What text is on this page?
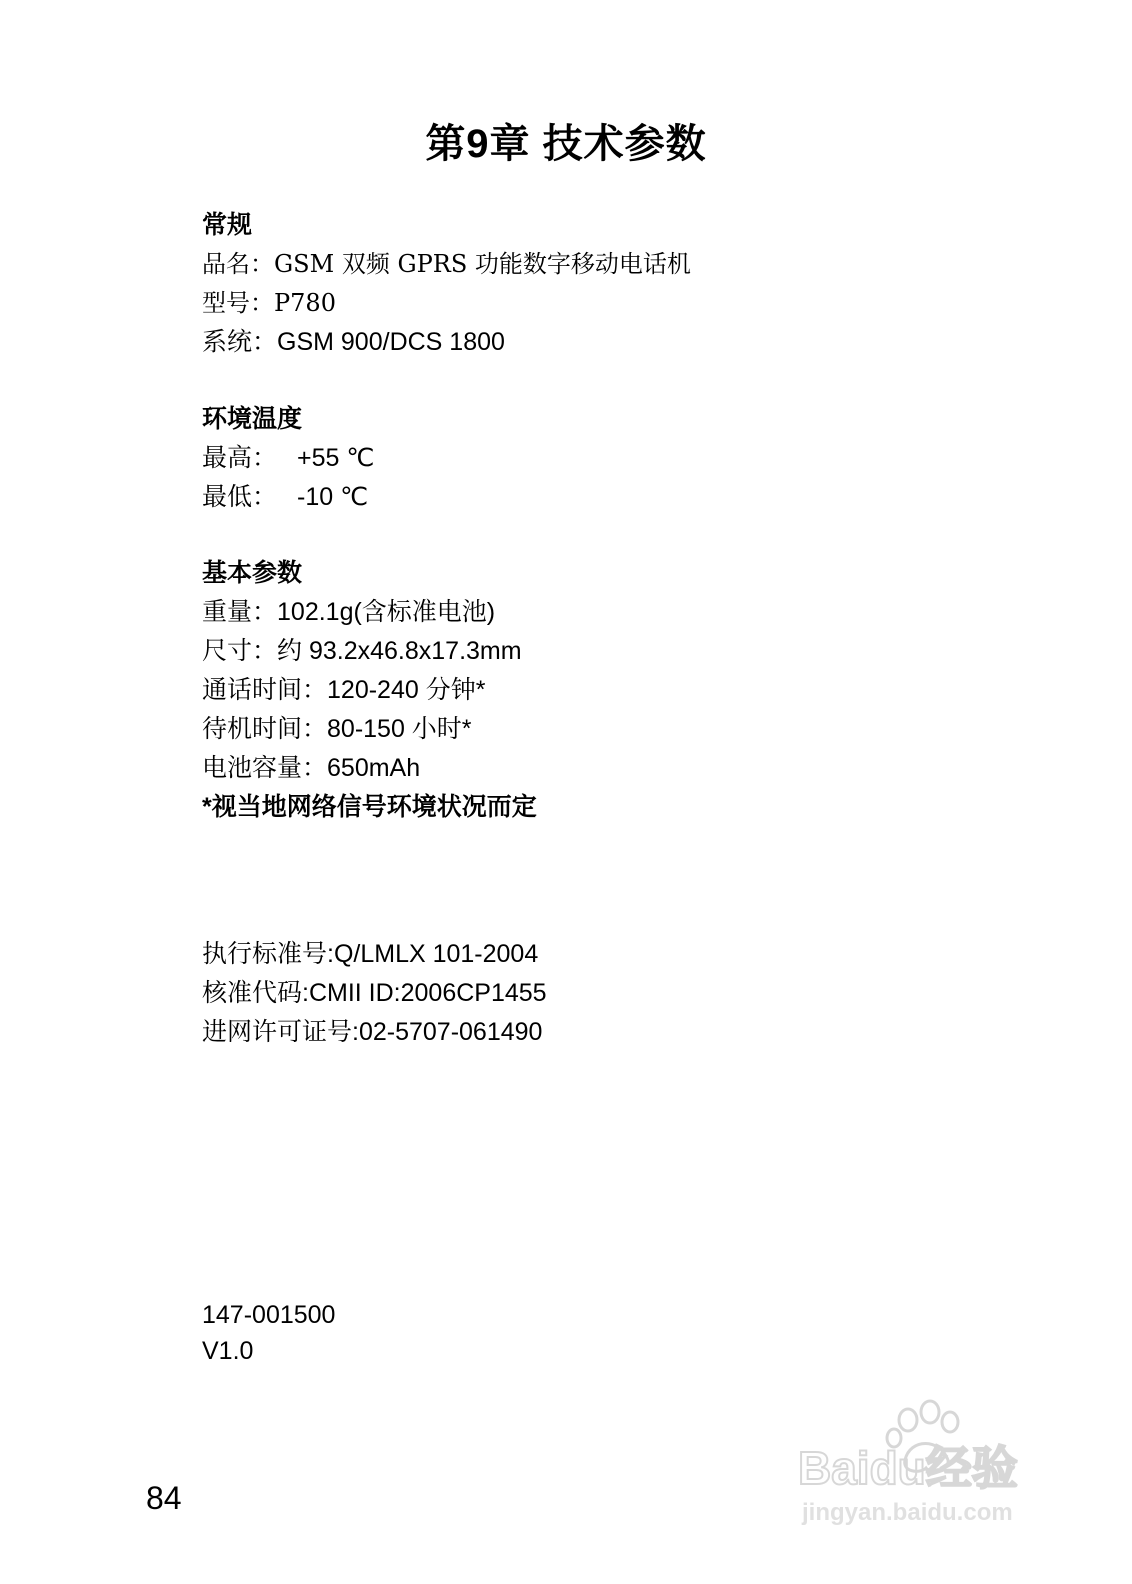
第9章 技术参数
常规
品名：GSM 双频 GPRS 功能数字移动电话机
型号：P780
系统：GSM 900/DCS 1800
环境温度
最高： +55 ℃
最低： -10 ℃
基本参数
重量：102.1g(含标准电池)
尺寸：约 93.2x46.8x17.3mm
通话时间：120-240 分钟*
待机时间：80-150 小时*
电池容量：650mAh
*视当地网络信号环境状况而定
执行标准号:Q/LMLX 101-2004
核准代码:CMII ID:2006CP1455
进网许可证号:02-5707-061490
147-001500
V1.0
84
Baidu经验
jingyan.baidu.com
